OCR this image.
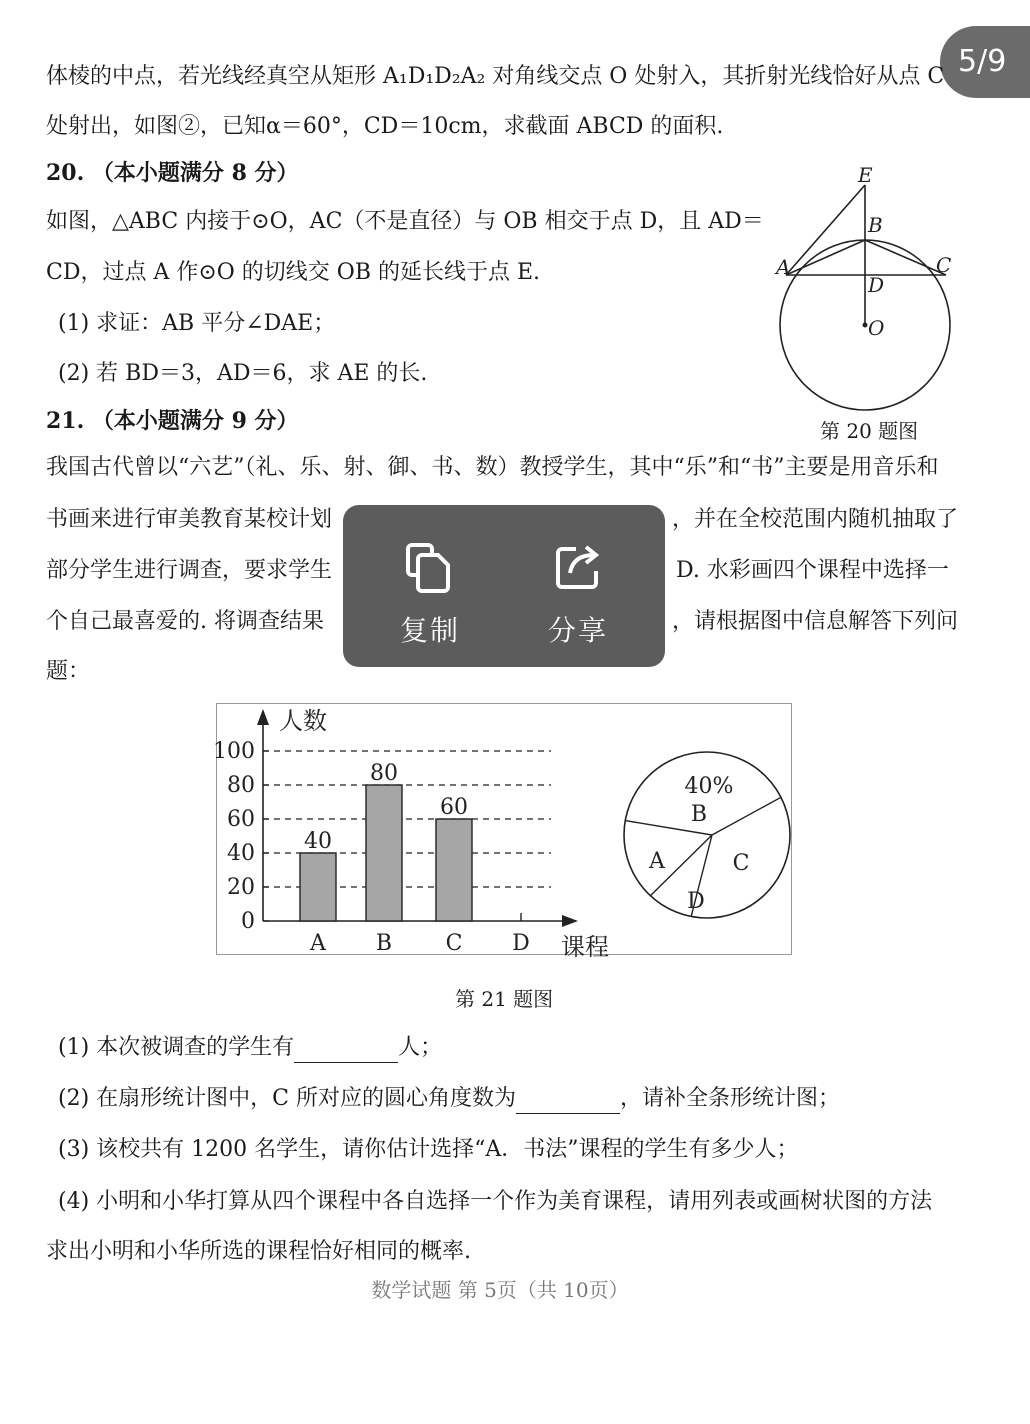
5/9
体棱的中点，若光线经真空从矩形 A₁D₁D₂A₂ 对角线交点 O 处射入，其折射光线恰好从点 C
处射出，如图②，已知α＝60°，CD＝10cm，求截面 ABCD 的面积.
20. （本小题满分 8 分）
如图，△ABC 内接于⊙O，AC（不是直径）与 OB 相交于点 D，且 AD＝
CD，过点 A 作⊙O 的切线交 OB 的延长线于点 E.
(1) 求证：AB 平分∠DAE；
(2) 若 BD＝3，AD＝6，求 AE 的长.
21. （本小题满分 9 分）
E
B
A	C
D
O
第 20 题图
我国古代曾以“六艺”（礼、乐、射、御、书、数）教授学生，其中“乐”和“书”主要是用音乐和
书画来进行审美教育某校计划	，并在全校范围内随机抽取了
部分学生进行调查，要求学生	D. 水彩画四个课程中选择一
个自己最喜爱的. 将调查结果	，请根据图中信息解答下列问
题：
0
20
40
60
80
100
人数
课程
A
40
B
80
C
60
D
B
40%
C
D
A
第 21 题图
(1) 本次被调查的学生有	人；
(2) 在扇形统计图中，C 所对应的圆心角度数为	，请补全条形统计图；
(3) 该校共有 1200 名学生，请你估计选择“A．书法”课程的学生有多少人；
(4) 小明和小华打算从四个课程中各自选择一个作为美育课程，请用列表或画树状图的方法
求出小明和小华所选的课程恰好相同的概率.
数学试题 第 5页（共 10页）
复制	分享
